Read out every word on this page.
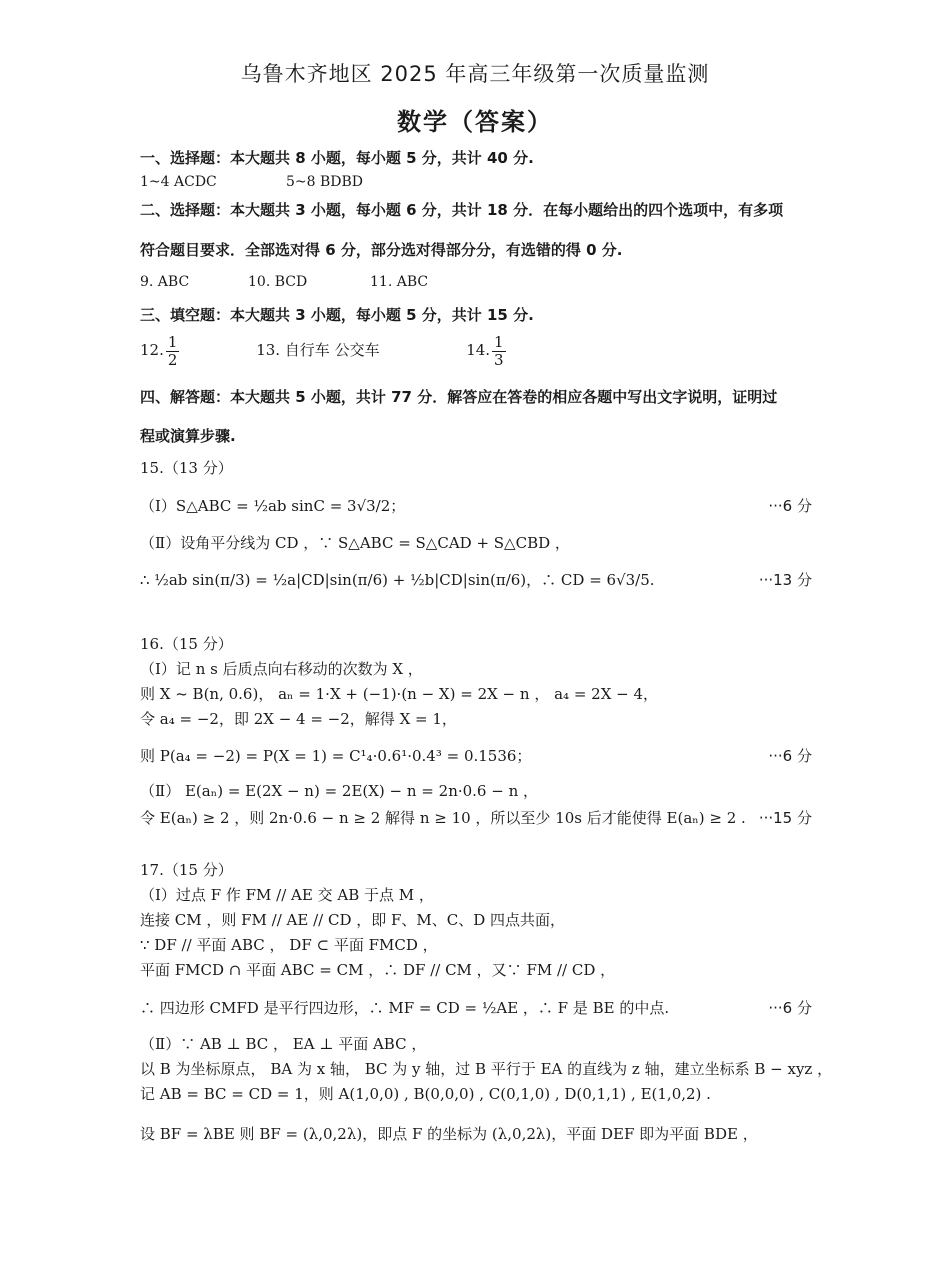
乌鲁木齐地区 2025 年高三年级第一次质量监测
数学（答案）
一、选择题：本大题共 8 小题，每小题 5 分，共计 40 分.
1~4 ACDC	5~8 BDBD
二、选择题：本大题共 3 小题，每小题 6 分，共计 18 分．在每小题给出的四个选项中，有多项
符合题目要求．全部选对得 6 分，部分选对得部分分，有选错的得 0 分.
9. ABC	10. BCD	11. ABC
三、填空题：本大题共 3 小题，每小题 5 分，共计 15 分.
12. $\frac{1}{2}$	13. 自行车 公交车	14. $\frac{1}{3}$
四、解答题：本大题共 5 小题，共计 77 分．解答应在答卷的相应各题中写出文字说明，证明过
程或演算步骤.
15.（13 分）
（Ⅰ）S△ABC = ½ab sinC = 3√3/2；	···6 分
（Ⅱ）设角平分线为 CD ，∵ S△ABC = S△CAD + S△CBD ，
∴ ½ab sin(π/3) = ½a|CD|sin(π/6) + ½b|CD|sin(π/6)，∴ CD = 6√3/5.	···13 分
16.（15 分）
（Ⅰ）记 n s 后质点向右移动的次数为 X ，
则 X ~ B(n, 0.6)， aₙ = 1·X + (−1)·(n − X) = 2X − n ， a₄ = 2X − 4，
令 a₄ = −2，即 2X − 4 = −2，解得 X = 1，
则 P(a₄ = −2) = P(X = 1) = C¹₄·0.6¹·0.4³ = 0.1536；	···6 分
（Ⅱ） E(aₙ) = E(2X − n) = 2E(X) − n = 2n·0.6 − n ，
令 E(aₙ) ≥ 2 ，则 2n·0.6 − n ≥ 2 解得 n ≥ 10 ，所以至少 10s 后才能使得 E(aₙ) ≥ 2 . ···15 分
17.（15 分）
（Ⅰ）过点 F 作 FM // AE 交 AB 于点 M ，
连接 CM ，则 FM // AE // CD ，即 F、M、C、D 四点共面，
∵ DF // 平面 ABC ， DF ⊂ 平面 FMCD ，
平面 FMCD ∩ 平面 ABC = CM ，∴ DF // CM ，又∵ FM // CD ，
∴ 四边形 CMFD 是平行四边形，∴ MF = CD = ½AE ，∴ F 是 BE 的中点.	···6 分
（Ⅱ）∵ AB ⊥ BC ， EA ⊥ 平面 ABC ，
以 B 为坐标原点， BA 为 x 轴， BC 为 y 轴，过 B 平行于 EA 的直线为 z 轴，建立坐标系 B − xyz ，
记 AB = BC = CD = 1，则 A(1,0,0) , B(0,0,0) , C(0,1,0) , D(0,1,1) , E(1,0,2) .
设 BF = λBE 则 BF = (λ,0,2λ)，即点 F 的坐标为 (λ,0,2λ)，平面 DEF 即为平面 BDE ，
